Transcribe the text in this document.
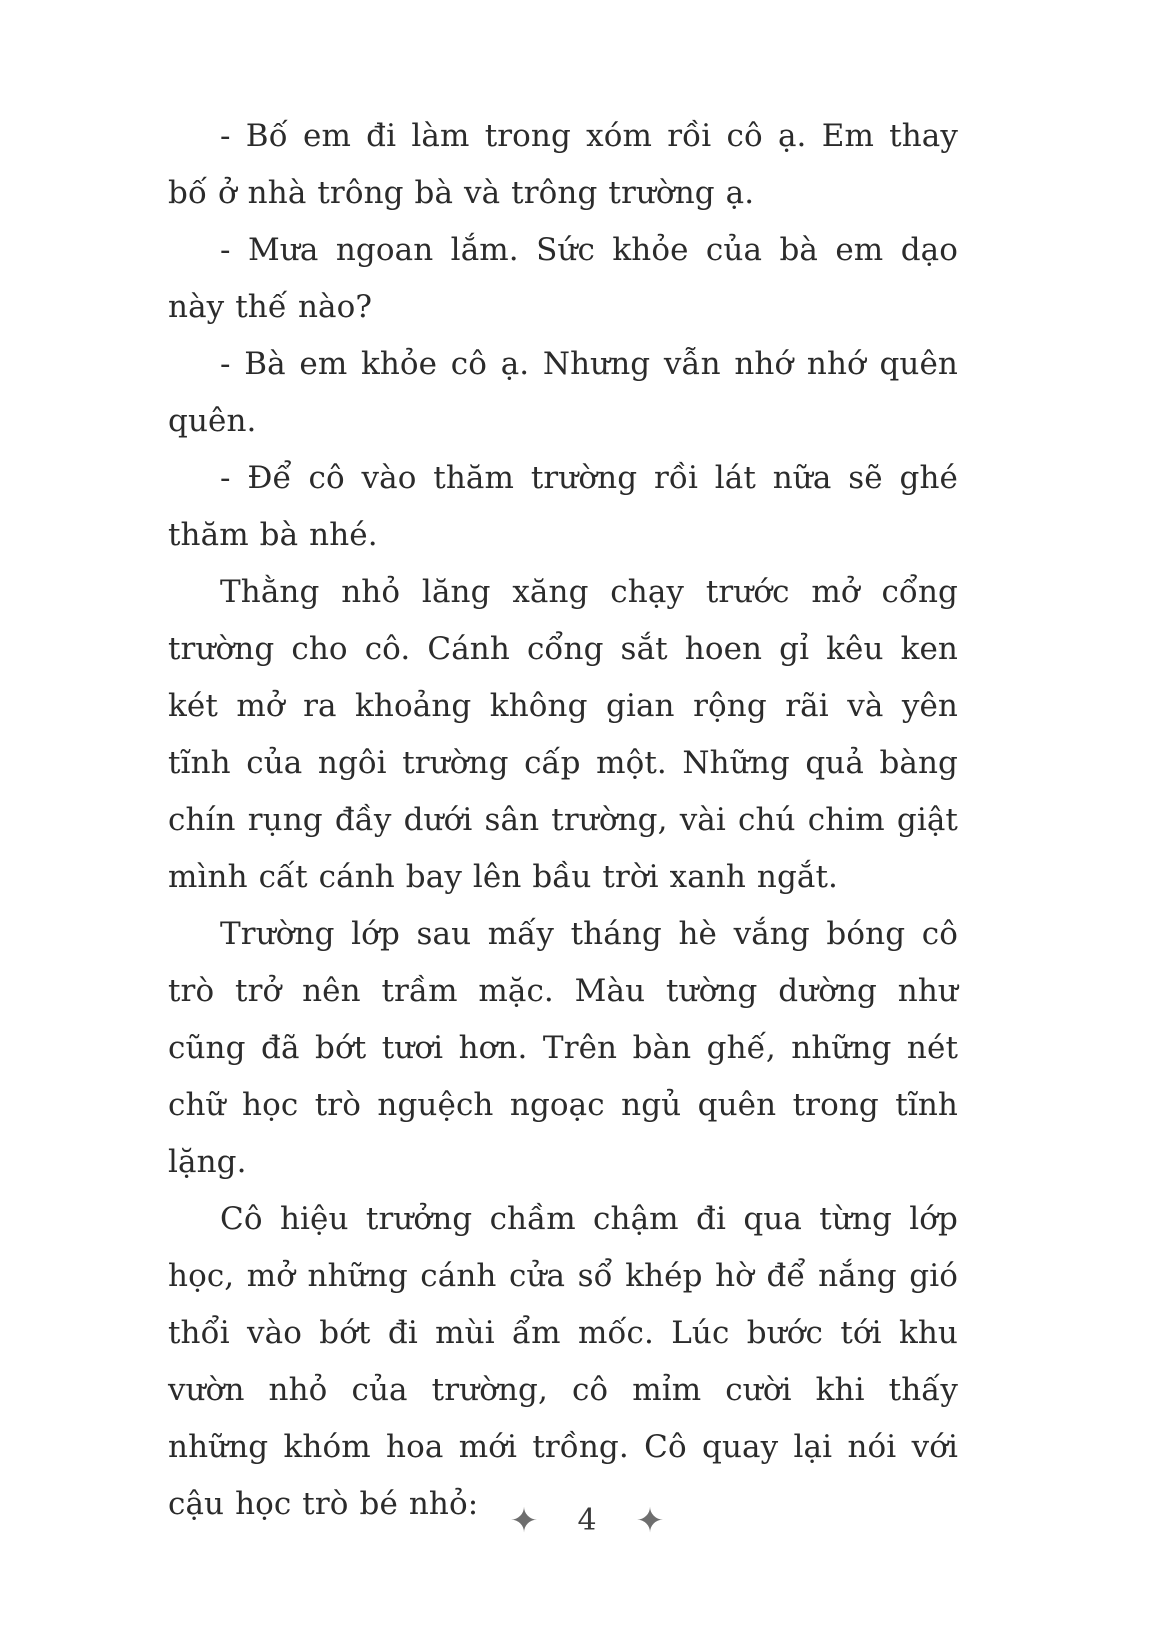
- Bố em đi làm trong xóm rồi cô ạ. Em thay bố ở nhà trông bà và trông trường ạ.

- Mưa ngoan lắm. Sức khỏe của bà em dạo này thế nào?

- Bà em khỏe cô ạ. Nhưng vẫn nhớ nhớ quên quên.

- Để cô vào thăm trường rồi lát nữa sẽ ghé thăm bà nhé.

Thằng nhỏ lăng xăng chạy trước mở cổng trường cho cô. Cánh cổng sắt hoen gỉ kêu ken két mở ra khoảng không gian rộng rãi và yên tĩnh của ngôi trường cấp một. Những quả bàng chín rụng đầy dưới sân trường, vài chú chim giật mình cất cánh bay lên bầu trời xanh ngắt.

Trường lớp sau mấy tháng hè vắng bóng cô trò trở nên trầm mặc. Màu tường dường như cũng đã bớt tươi hơn. Trên bàn ghế, những nét chữ học trò nguệch ngoạc ngủ quên trong tĩnh lặng.

Cô hiệu trưởng chầm chậm đi qua từng lớp học, mở những cánh cửa sổ khép hờ để nắng gió thổi vào bớt đi mùi ẩm mốc. Lúc bước tới khu vườn nhỏ của trường, cô mỉm cười khi thấy những khóm hoa mới trồng. Cô quay lại nói với cậu học trò bé nhỏ: ✦ 4 ✦
